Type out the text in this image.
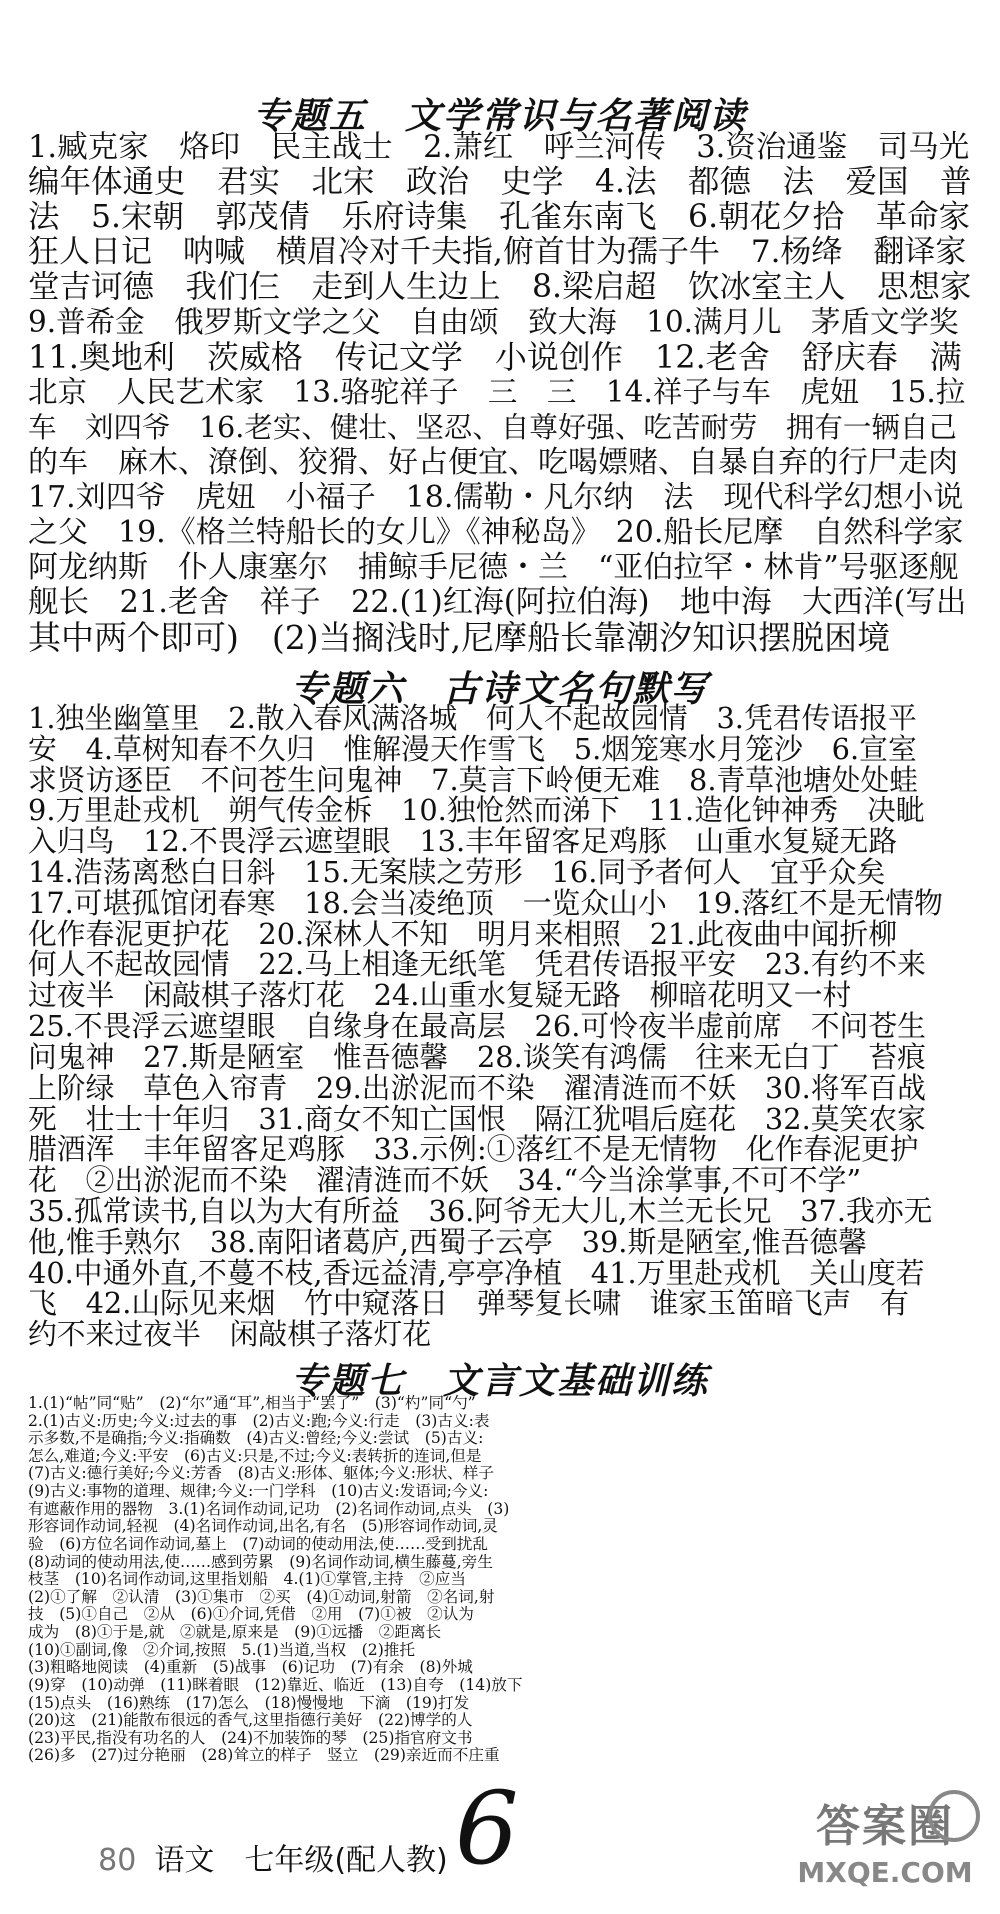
专题五　文学常识与名著阅读
专题六　古诗文名句默写
专题七　文言文基础训练

80 语文　七年级(配人教)
6	答案圈
MXQE.COM
1.臧克家　烙印　民主战士　2.萧红　呼兰河传　3.资治通鉴　司马光
编年体通史　君实　北宋　政治　史学　4.法　都德　法　爱国　普
法　5.宋朝　郭茂倩　乐府诗集　孔雀东南飞　6.朝花夕拾　革命家
狂人日记　呐喊　横眉冷对千夫指,俯首甘为孺子牛　7.杨绛　翻译家
堂吉诃德　我们仨　走到人生边上　8.梁启超　饮冰室主人　思想家
9.普希金　俄罗斯文学之父　自由颂　致大海　10.满月儿　茅盾文学奖
11.奥地利　茨威格　传记文学　小说创作　12.老舍　舒庆春　满
北京　人民艺术家　13.骆驼祥子　三　三　14.祥子与车　虎妞　15.拉
车　刘四爷　16.老实、健壮、坚忍、自尊好强、吃苦耐劳　拥有一辆自己
的车　麻木、潦倒、狡猾、好占便宜、吃喝嫖赌、自暴自弃的行尸走肉
17.刘四爷　虎妞　小福子　18.儒勒・凡尔纳　法　现代科学幻想小说
之父　19.《格兰特船长的女儿》《神秘岛》　20.船长尼摩　自然科学家
阿龙纳斯　仆人康塞尔　捕鲸手尼德・兰　“亚伯拉罕・林肯”号驱逐舰
舰长　21.老舍　祥子　22.(1)红海(阿拉伯海)　地中海　大西洋(写出
其中两个即可)　(2)当搁浅时,尼摩船长靠潮汐知识摆脱困境
1.独坐幽篁里　2.散入春风满洛城　何人不起故园情　3.凭君传语报平
安　4.草树知春不久归　惟解漫天作雪飞　5.烟笼寒水月笼沙　6.宣室
求贤访逐臣　不问苍生问鬼神　7.莫言下岭便无难　8.青草池塘处处蛙
9.万里赴戎机　朔气传金柝　10.独怆然而涕下　11.造化钟神秀　决眦
入归鸟　12.不畏浮云遮望眼　13.丰年留客足鸡豚　山重水复疑无路
14.浩荡离愁白日斜　15.无案牍之劳形　16.同予者何人　宜乎众矣
17.可堪孤馆闭春寒　18.会当凌绝顶　一览众山小　19.落红不是无情物
化作春泥更护花　20.深林人不知　明月来相照　21.此夜曲中闻折柳
何人不起故园情　22.马上相逢无纸笔　凭君传语报平安　23.有约不来
过夜半　闲敲棋子落灯花　24.山重水复疑无路　柳暗花明又一村
25.不畏浮云遮望眼　自缘身在最高层　26.可怜夜半虚前席　不问苍生
问鬼神　27.斯是陋室　惟吾德馨　28.谈笑有鸿儒　往来无白丁　苔痕
上阶绿　草色入帘青　29.出淤泥而不染　濯清涟而不妖　30.将军百战
死　壮士十年归　31.商女不知亡国恨　隔江犹唱后庭花　32.莫笑农家
腊酒浑　丰年留客足鸡豚　33.示例:①落红不是无情物　化作春泥更护
花　②出淤泥而不染　濯清涟而不妖　34.“今当涂掌事,不可不学”
35.孤常读书,自以为大有所益　36.阿爷无大儿,木兰无长兄　37.我亦无
他,惟手熟尔　38.南阳诸葛庐,西蜀子云亭　39.斯是陋室,惟吾德馨
40.中通外直,不蔓不枝,香远益清,亭亭净植　41.万里赴戎机　关山度若
飞　42.山际见来烟　竹中窥落日　弹琴复长啸　谁家玉笛暗飞声　有
约不来过夜半　闲敲棋子落灯花
1.(1)“帖”同“贴”　(2)“尔”通“耳”,相当于“罢了”　(3)“杓”同“勺”
2.(1)古义:历史;今义:过去的事　(2)古义:跑;今义:行走　(3)古义:表
示多数,不是确指;今义:指确数　(4)古义:曾经;今义:尝试　(5)古义:
怎么,难道;今义:平安　(6)古义:只是,不过;今义:表转折的连词,但是
(7)古义:德行美好;今义:芳香　(8)古义:形体、躯体;今义:形状、样子
(9)古义:事物的道理、规律;今义:一门学科　(10)古义:发语词;今义:
有遮蔽作用的器物　3.(1)名词作动词,记功　(2)名词作动词,点头　(3)
形容词作动词,轻视　(4)名词作动词,出名,有名　(5)形容词作动词,灵
验　(6)方位名词作动词,墓上　(7)动词的使动用法,使……受到扰乱
(8)动词的使动用法,使……感到劳累　(9)名词作动词,横生藤蔓,旁生
枝茎　(10)名词作动词,这里指划船　4.(1)①掌管,主持　②应当
(2)①了解　②认清　(3)①集市　②买　(4)①动词,射箭　②名词,射
技　(5)①自己　②从　(6)①介词,凭借　②用　(7)①被　②认为
成为　(8)①于是,就　②就是,原来是　(9)①远播　②距离长
(10)①副词,像　②介词,按照　5.(1)当道,当权　(2)推托
(3)粗略地阅读　(4)重新　(5)战事　(6)记功　(7)有余　(8)外城
(9)穿　(10)动弹　(11)眯着眼　(12)靠近、临近　(13)自夸　(14)放下
(15)点头　(16)熟练　(17)怎么　(18)慢慢地　下滴　(19)打发
(20)这　(21)能散布很远的香气,这里指德行美好　(22)博学的人
(23)平民,指没有功名的人　(24)不加装饰的琴　(25)指官府文书
(26)多　(27)过分艳丽　(28)耸立的样子　竖立　(29)亲近而不庄重
